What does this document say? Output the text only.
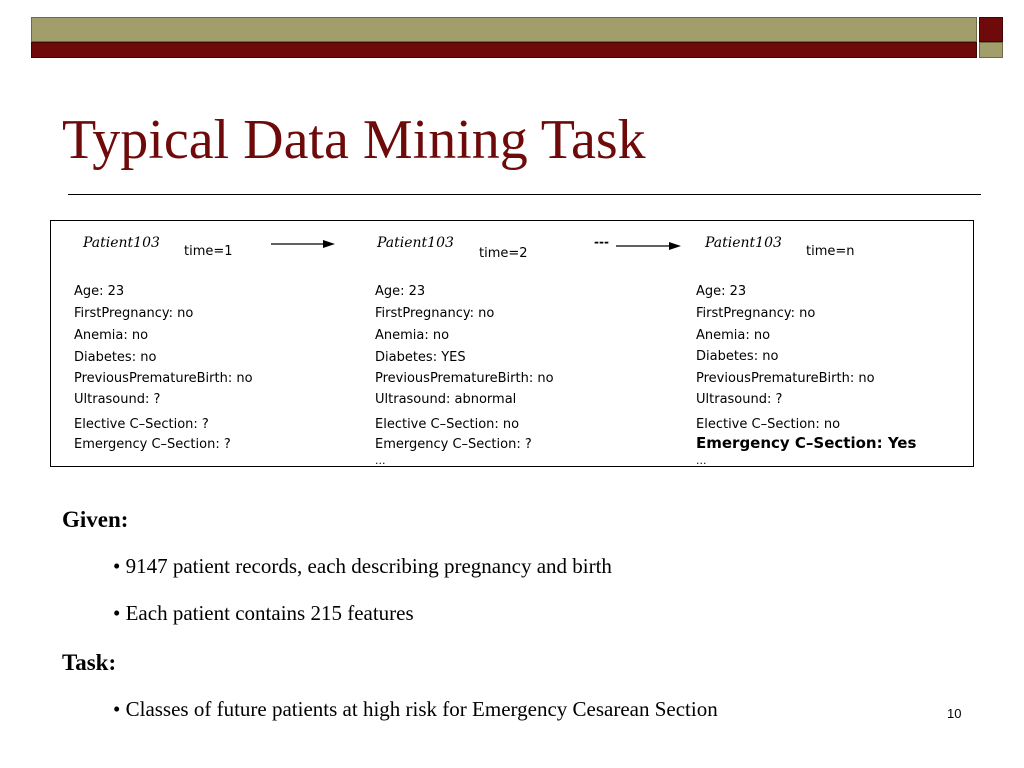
Typical Data Mining Task
Patient103
time=1
Patient103
time=2
---	Patient103
time=n
Age: 23
FirstPregnancy: no
Anemia: no
Diabetes: no
PreviousPrematureBirth: no
Ultrasound: ?
Elective C–Section: ?
Emergency C–Section: ?
Age: 23
FirstPregnancy: no
Anemia: no
Diabetes: YES
PreviousPrematureBirth: no
Ultrasound: abnormal
Elective C–Section: no
Emergency C–Section: ?
...
Age: 23
FirstPregnancy: no
Anemia: no
Diabetes: no
PreviousPrematureBirth: no
Ultrasound: ?
Elective C–Section: no
Emergency C–Section: Yes
...
Given:
• 9147 patient records, each describing pregnancy and birth
• Each patient contains 215 features
Task:
• Classes of future patients at high risk for Emergency Cesarean Section	10
